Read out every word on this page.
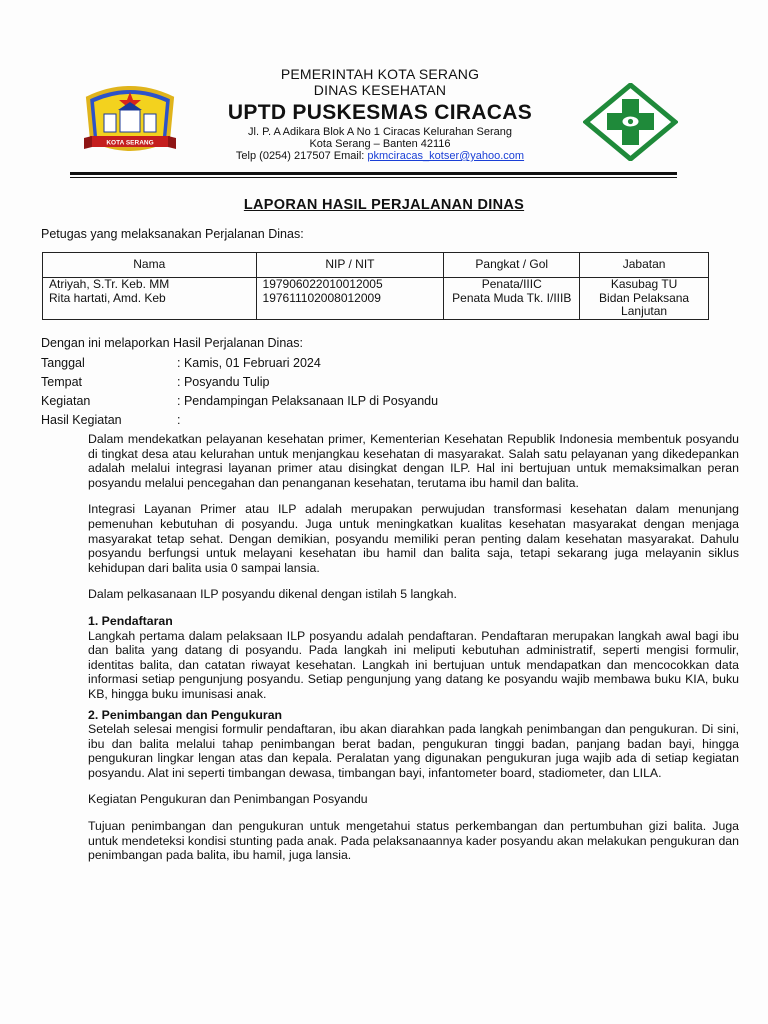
KOTA SERANG
PEMERINTAH KOTA SERANG
DINAS KESEHATAN
UPTD PUSKESMAS CIRACAS
Jl. P. A Adikara Blok A No 1 Ciracas Kelurahan Serang
Kota Serang – Banten 42116
Telp (0254) 217507 Email: pkmciracas_kotser@yahoo.com
LAPORAN HASIL PERJALANAN DINAS
Petugas yang melaksanakan Perjalanan Dinas:
Nama	NIP / NIT	Pangkat / Gol	Jabatan
Atriyah, S.Tr. Keb. MM	197906022010012005	Penata/IIIC	Kasubag TU
Rita hartati, Amd. Keb	197611102008012009	Penata Muda Tk. I/IIIB	Bidan Pelaksana Lanjutan
Dengan ini melaporkan Hasil Perjalanan Dinas:
Tanggal	: Kamis, 01 Februari 2024
Tempat	: Posyandu Tulip
Kegiatan	: Pendampingan Pelaksanaan ILP di Posyandu
Hasil Kegiatan	:

Dalam mendekatkan pelayanan kesehatan primer, Kementerian Kesehatan Republik Indonesia membentuk posyandu di tingkat desa atau kelurahan untuk menjangkau kesehatan di masyarakat. Salah satu pelayanan yang dikedepankan adalah melalui integrasi layanan primer atau disingkat dengan ILP. Hal ini bertujuan untuk memaksimalkan peran posyandu melalui pencegahan dan penanganan kesehatan, terutama ibu hamil dan balita.

Integrasi Layanan Primer atau ILP adalah merupakan perwujudan transformasi kesehatan dalam menunjang pemenuhan kebutuhan di posyandu. Juga untuk meningkatkan kualitas kesehatan masyarakat dengan menjaga masyarakat tetap sehat. Dengan demikian, posyandu memiliki peran penting dalam kesehatan masyarakat. Dahulu posyandu berfungsi untuk melayani kesehatan ibu hamil dan balita saja, tetapi sekarang juga melayanin siklus kehidupan dari balita usia 0 sampai lansia.

Dalam pelkasanaan ILP posyandu dikenal dengan istilah 5 langkah.

1. Pendaftaran

Langkah pertama dalam pelaksaan ILP posyandu adalah pendaftaran. Pendaftaran merupakan langkah awal bagi ibu dan balita yang datang di posyandu. Pada langkah ini meliputi kebutuhan administratif, seperti mengisi formulir, identitas balita, dan catatan riwayat kesehatan. Langkah ini bertujuan untuk mendapatkan dan mencocokkan data informasi setiap pengunjung posyandu. Setiap pengunjung yang datang ke posyandu wajib membawa buku KIA, buku KB, hingga buku imunisasi anak.

2. Penimbangan dan Pengukuran

Setelah selesai mengisi formulir pendaftaran, ibu akan diarahkan pada langkah penimbangan dan pengukuran. Di sini, ibu dan balita melalui tahap penimbangan berat badan, pengukuran tinggi badan, panjang badan bayi, hingga pengukuran lingkar lengan atas dan kepala. Peralatan yang digunakan pengukuran juga wajib ada di setiap kegiatan posyandu. Alat ini seperti timbangan dewasa, timbangan bayi, infantometer board, stadiometer, dan LILA.

Kegiatan Pengukuran dan Penimbangan Posyandu

Tujuan penimbangan dan pengukuran untuk mengetahui status perkembangan dan pertumbuhan gizi balita. Juga untuk mendeteksi kondisi stunting pada anak. Pada pelaksanaannya kader posyandu akan melakukan pengukuran dan penimbangan pada balita, ibu hamil, juga lansia.
